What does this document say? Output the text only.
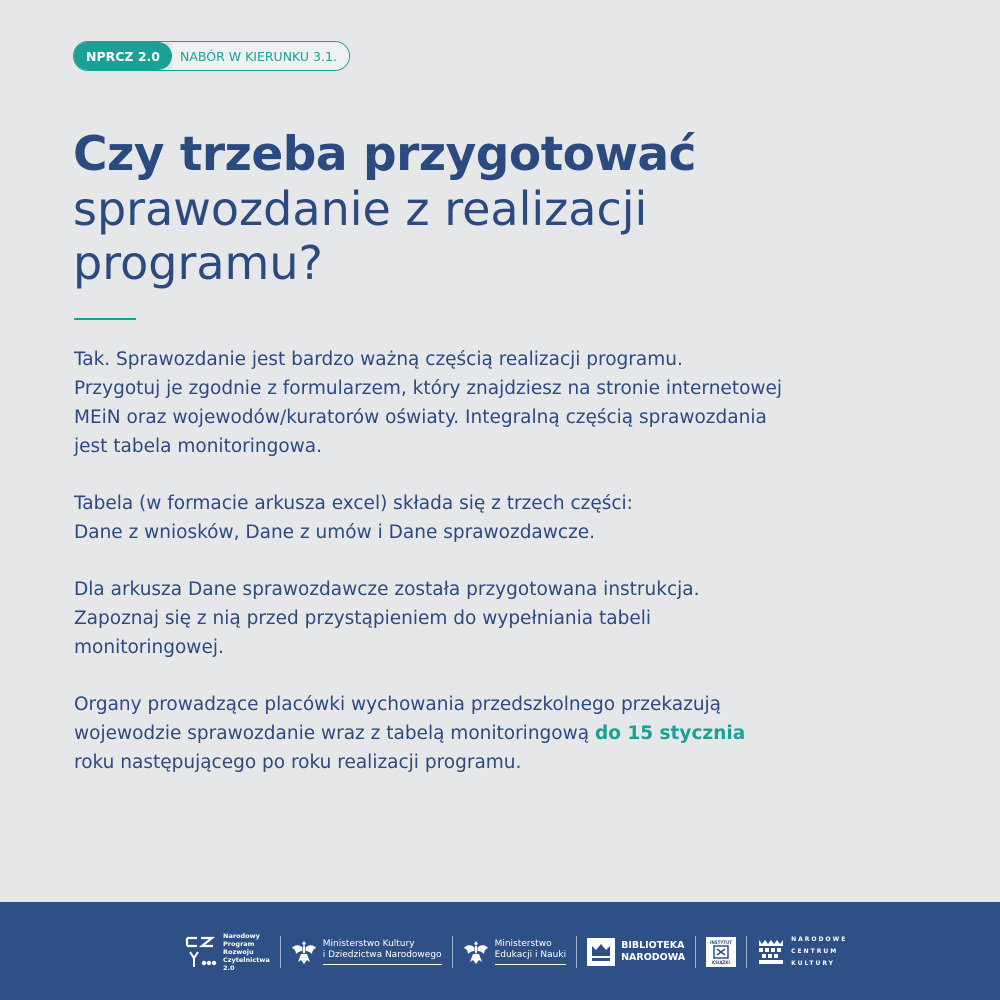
NPRCZ 2.0	NABÓR W KIERUNKU 3.1.
Czy trzeba przygotować
sprawozdanie z realizacji
programu?

Tak. Sprawozdanie jest bardzo ważną częścią realizacji programu.
Przygotuj je zgodnie z formularzem, który znajdziesz na stronie internetowej
MEiN oraz wojewodów/kuratorów oświaty. Integralną częścią sprawozdania
jest tabela monitoringowa.

Tabela (w formacie arkusza excel) składa się z trzech części:
Dane z wniosków, Dane z umów i Dane sprawozdawcze.

Dla arkusza Dane sprawozdawcze została przygotowana instrukcja.
Zapoznaj się z nią przed przystąpieniem do wypełniania tabeli
monitoringowej.

Organy prowadzące placówki wychowania przedszkolnego przekazują
wojewodzie sprawozdanie wraz z tabelą monitoringową do 15 stycznia
roku następującego po roku realizacji programu.

Narodowy
Program
Rozwoju
Czytelnictwa
2.0
Ministerstwo Kultury
i Dziedzictwa Narodowego
Ministerstwo
Edukacji i Nauki
BIBLIOTEKA
NARODOWA
INSTYTUT
KSIĄŻKI
NARODOWE
CENTRUM
KULTURY
